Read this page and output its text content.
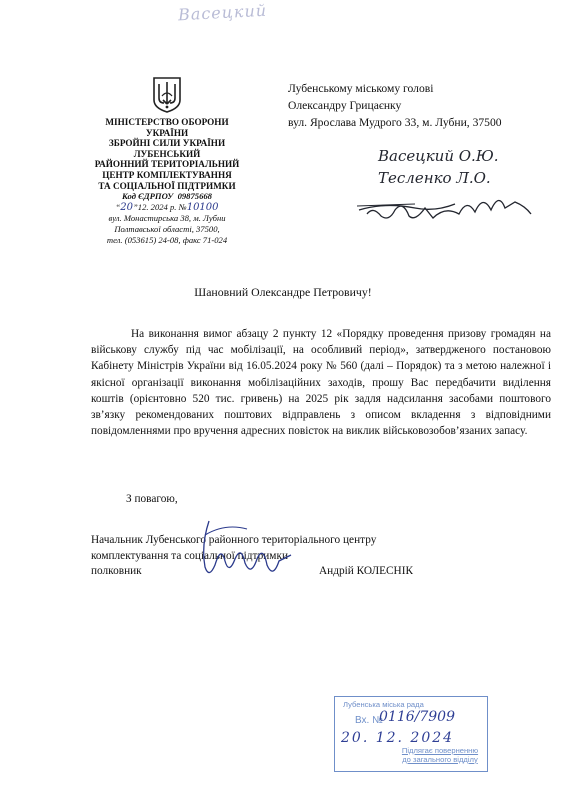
Васецкий
МІНІСТЕРСТВО ОБОРОНИ
УКРАЇНИ
ЗБРОЙНІ СИЛИ УКРАЇНИ
ЛУБЕНСЬКИЙ
РАЙОННИЙ ТЕРИТОРІАЛЬНИЙ
ЦЕНТР КОМПЛЕКТУВАННЯ
ТА СОЦІАЛЬНОЇ ПІДТРИМКИ
Код ЄДРПОУ 09875668
“20”12. 2024 р. №10100
вул. Монастирська 38, м. Лубни
Полтавської області, 37500,
тел. (053615) 24-08, факс 71-024
Лубенському міському голові
Олександру Грицаєнку
вул. Ярослава Мудрого 33, м. Лубни, 37500
Васецкий О.Ю.
Тесленко Л.О.
Шановний Олександре Петровичу!

На виконання вимог абзацу 2 пункту 12 «Порядку проведення призову громадян на військову службу під час мобілізації, на особливий період», затвердженого постановою Кабінету Міністрів України від 16.05.2024 року № 560 (далі – Порядок) та з метою належної і якісної організації виконання мобілізаційних заходів, прошу Вас передбачити виділення коштів (орієнтовно 520 тис. гривень) на 2025 рік задля надсилання засобами поштового зв’язку рекомендованих поштових відправлень з описом вкладення з відповідними повідомленнями про вручення адресних повісток на виклик військовозобов’язаних запасу.

З повагою,
Начальник Лубенського районного територіального центру
комплектування та соціальної підтримки
полковник	Андрій КОЛЕСНІК
Лубенська міська рада
Вх. №
0116/7909
20. 12. 2024
Підлягає поверненню
до загального відділу
